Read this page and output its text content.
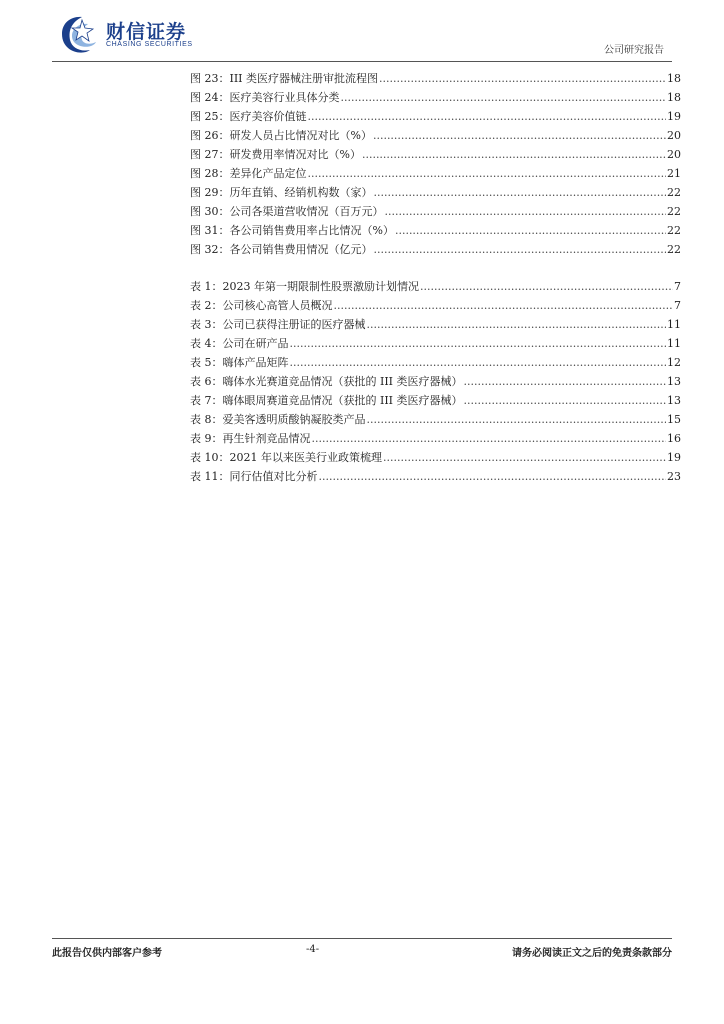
财信证券
CHASING SECURITIES
公司研究报告
图 23：III 类医疗器械注册审批流程图 .....	18
图 24：医疗美容行业具体分类 .....	18
图 25：医疗美容价值链 .....	19
图 26：研发人员占比情况对比（%） .....	20
图 27：研发费用率情况对比（%） .....	20
图 28：差异化产品定位 .....	21
图 29：历年直销、经销机构数（家） .....	22
图 30：公司各渠道营收情况（百万元） .....	22
图 31：各公司销售费用率占比情况（%） .....	22
图 32：各公司销售费用情况（亿元） .....	22
表 1：2023 年第一期限制性股票激励计划情况 .....	7
表 2：公司核心高管人员概况 .....	7
表 3：公司已获得注册证的医疗器械 .....	11
表 4：公司在研产品 .....	11
表 5：嗨体产品矩阵 .....	12
表 6：嗨体水光赛道竞品情况（获批的 III 类医疗器械） .....	13
表 7：嗨体眼周赛道竞品情况（获批的 III 类医疗器械） .....	13
表 8：爱美客透明质酸钠凝胶类产品 .....	15
表 9：再生针剂竞品情况 .....	16
表 10：2021 年以来医美行业政策梳理 .....	19
表 11：同行估值对比分析 .....	23
此报告仅供内部客户参考	-4-	请务必阅读正文之后的免责条款部分
